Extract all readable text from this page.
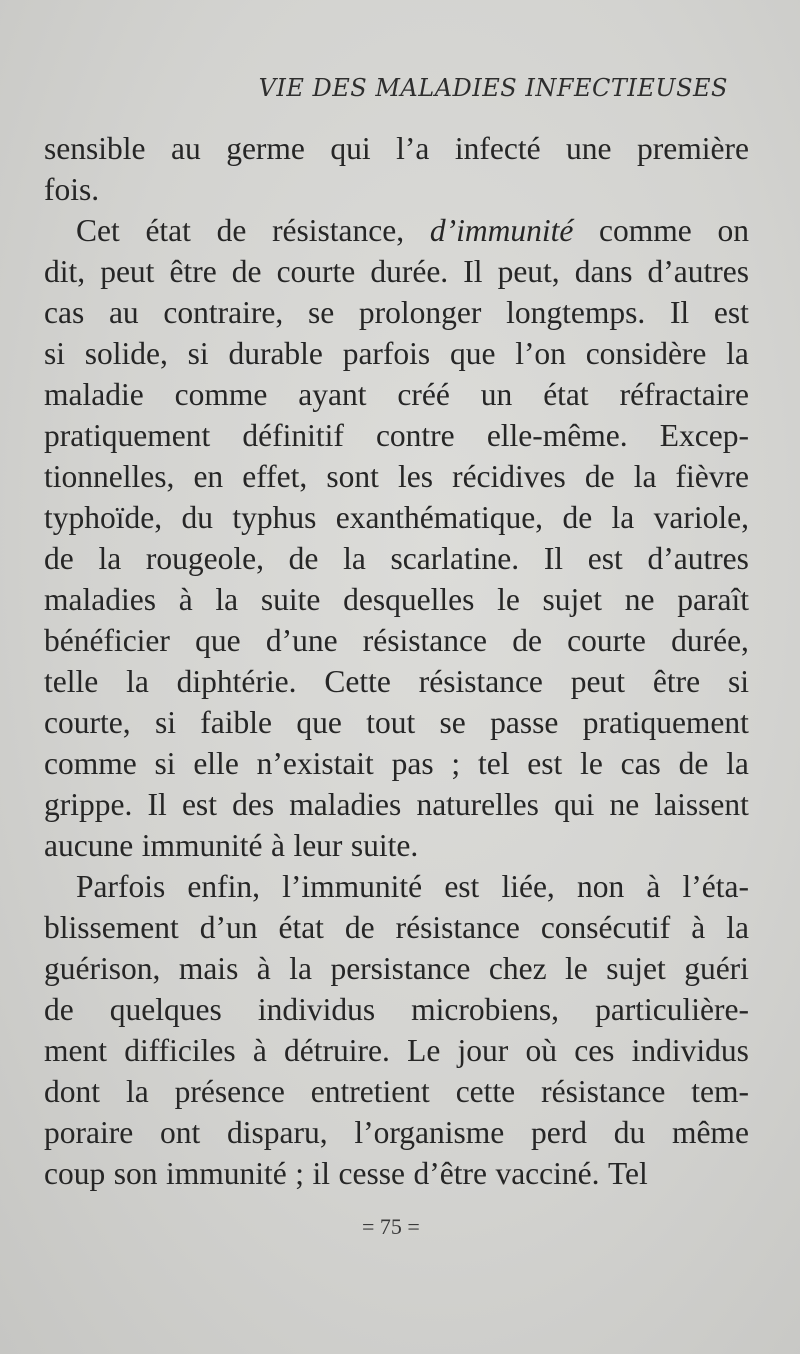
VIE DES MALADIES INFECTIEUSES
sensible au germe qui l’a infecté une première
fois.
Cet état de résistance, d’immunité comme on
dit, peut être de courte durée. Il peut, dans d’autres
cas au contraire, se prolonger longtemps. Il est
si solide, si durable parfois que l’on considère la
maladie comme ayant créé un état réfractaire
pratiquement définitif contre elle-même. Excep-
tionnelles, en effet, sont les récidives de la fièvre
typhoïde, du typhus exanthématique, de la variole,
de la rougeole, de la scarlatine. Il est d’autres
maladies à la suite desquelles le sujet ne paraît
bénéficier que d’une résistance de courte durée,
telle la diphtérie. Cette résistance peut être si
courte, si faible que tout se passe pratiquement
comme si elle n’existait pas ; tel est le cas de la
grippe. Il est des maladies naturelles qui ne laissent
aucune immunité à leur suite.
Parfois enfin, l’immunité est liée, non à l’éta-
blissement d’un état de résistance consécutif à la
guérison, mais à la persistance chez le sujet guéri
de quelques individus microbiens, particulière-
ment difficiles à détruire. Le jour où ces individus
dont la présence entretient cette résistance tem-
poraire ont disparu, l’organisme perd du même
coup son immunité ; il cesse d’être vacciné. Tel
= 75 =
